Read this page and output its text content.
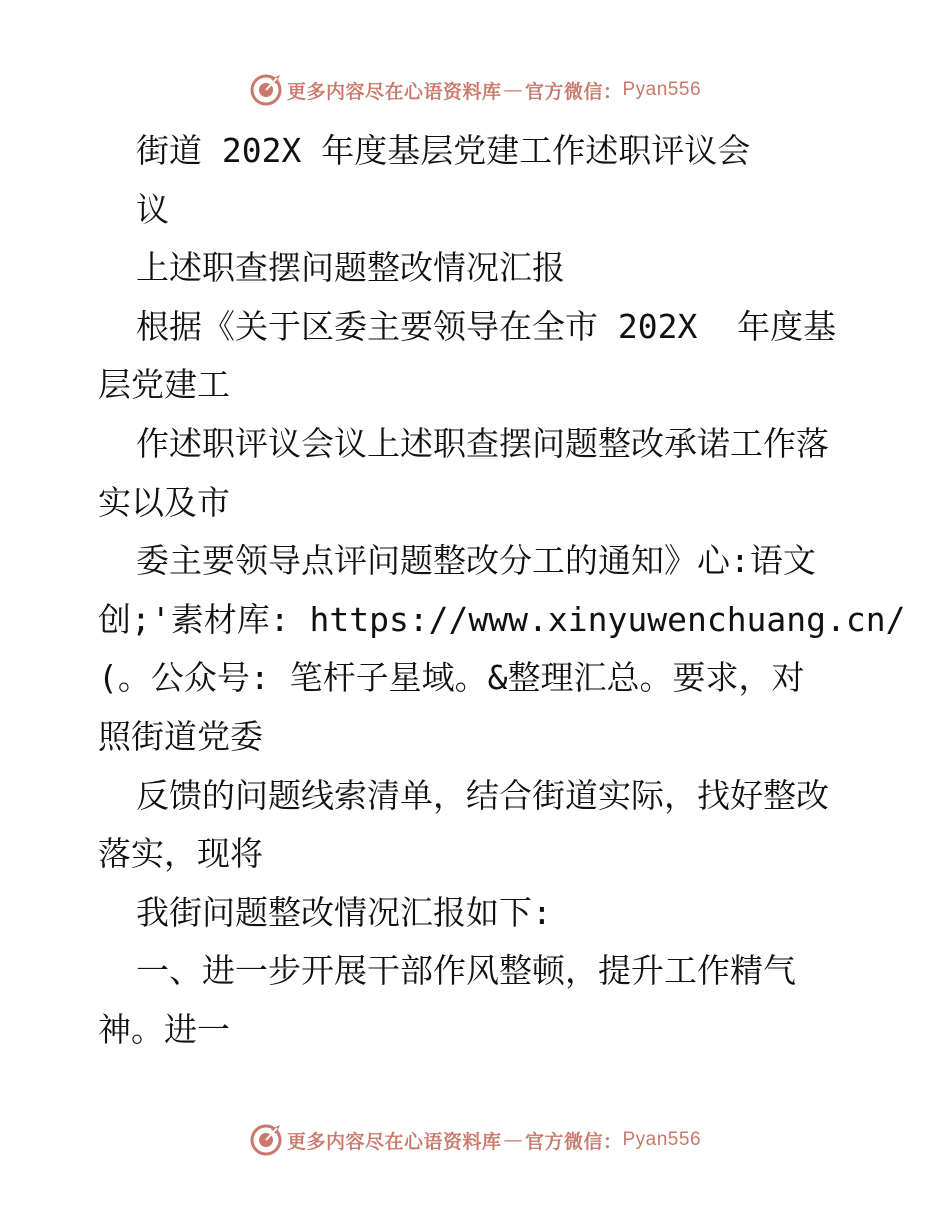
更多内容尽在心语资料库 — 官方微信： Pyan556
街道 202X 年度基层党建工作述职评议会
议
上述职查摆问题整改情况汇报
根据《关于区委主要领导在全市 202X  年度基
层党建工
作述职评议会议上述职查摆问题整改承诺工作落
实以及市
委主要领导点评问题整改分工的通知》心:语文
创;'素材库: https://www.xinyuwenchuang.cn/
(。公众号: 笔杆子星域。&整理汇总。要求，对
照街道党委
反馈的问题线索清单，结合街道实际，找好整改
落实，现将
我街问题整改情况汇报如下:
一、进一步开展干部作风整顿，提升工作精气
神。进一
更多内容尽在心语资料库 — 官方微信： Pyan556
